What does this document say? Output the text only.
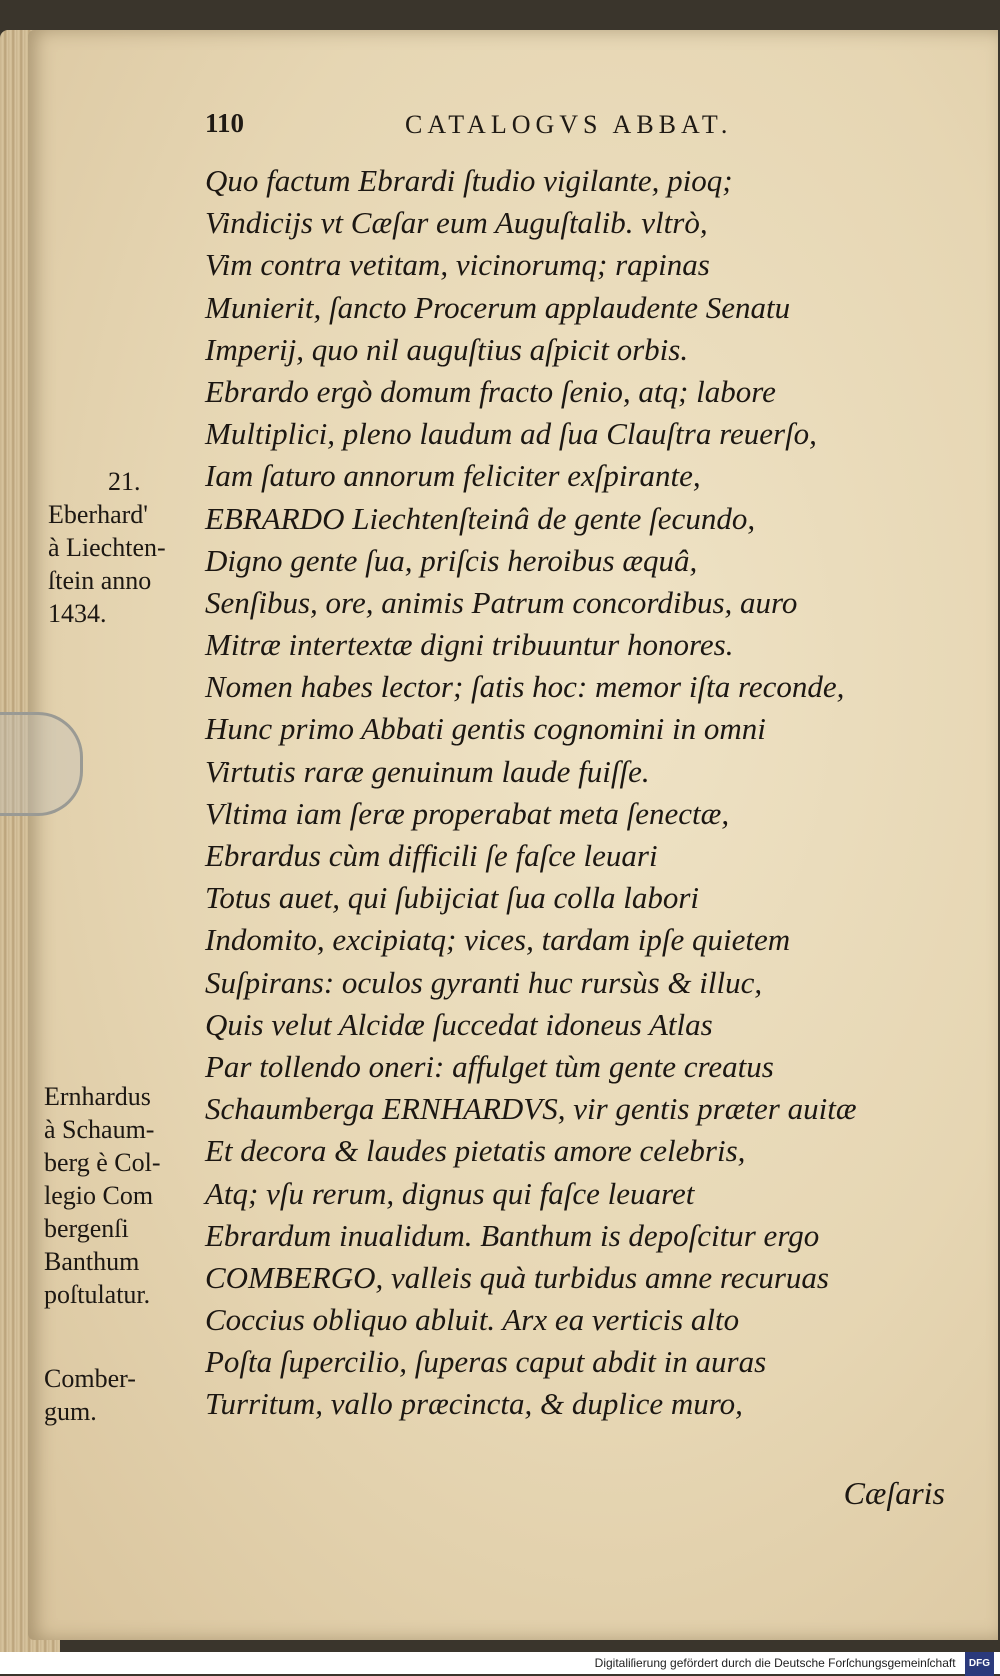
110	CATALOGVS ABBAT.
Quo factum Ebrardi ſtudio vigilante, pioq;
Vindicijs vt Cæſar eum Auguſtalib. vltrò,
Vim contra vetitam, vicinorumq; rapinas
Munierit, ſancto Procerum applaudente Senatu
Imperij, quo nil auguſtius aſpicit orbis.
Ebrardo ergò domum fracto ſenio, atq; labore
Multiplici, pleno laudum ad ſua Clauſtra reuerſo,
Iam ſaturo annorum feliciter exſpirante,
EBRARDO Liechtenſteinâ de gente ſecundo,
Digno gente ſua, priſcis heroibus æquâ,
Senſibus, ore, animis Patrum concordibus, auro
Mitræ intertextæ digni tribuuntur honores.
Nomen habes lector; ſatis hoc: memor iſta reconde,
Hunc primo Abbati gentis cognomini in omni
Virtutis raræ genuinum laude fuiſſe.
Vltima iam ſeræ properabat meta ſenectæ,
Ebrardus cùm difficili ſe faſce leuari
Totus auet, qui ſubijciat ſua colla labori
Indomito, excipiatq; vices, tardam ipſe quietem
Suſpirans: oculos gyranti huc rursùs & illuc,
Quis velut Alcidæ ſuccedat idoneus Atlas
Par tollendo oneri: affulget tùm gente creatus
Schaumberga ERNHARDVS, vir gentis præter auitæ
Et decora & laudes pietatis amore celebris,
Atq; vſu rerum, dignus qui faſce leuaret
Ebrardum inualidum. Banthum is depoſcitur ergo
COMBERGO, valleis quà turbidus amne recuruas
Coccius obliquo abluit. Arx ea verticis alto
Poſta ſupercilio, ſuperas caput abdit in auras
Turritum, vallo præcincta, & duplice muro,
21.
Eberhard'
à Liechten-
ſtein anno
1434.
Ernhardus
à Schaum-
berg è Col-
legio Com
bergenſi
Banthum
poſtulatur.
Comber-
gum.
Cæſaris
Digitaliſierung gefördert durch die Deutsche Forſchungsgemeinſchaft DFG
